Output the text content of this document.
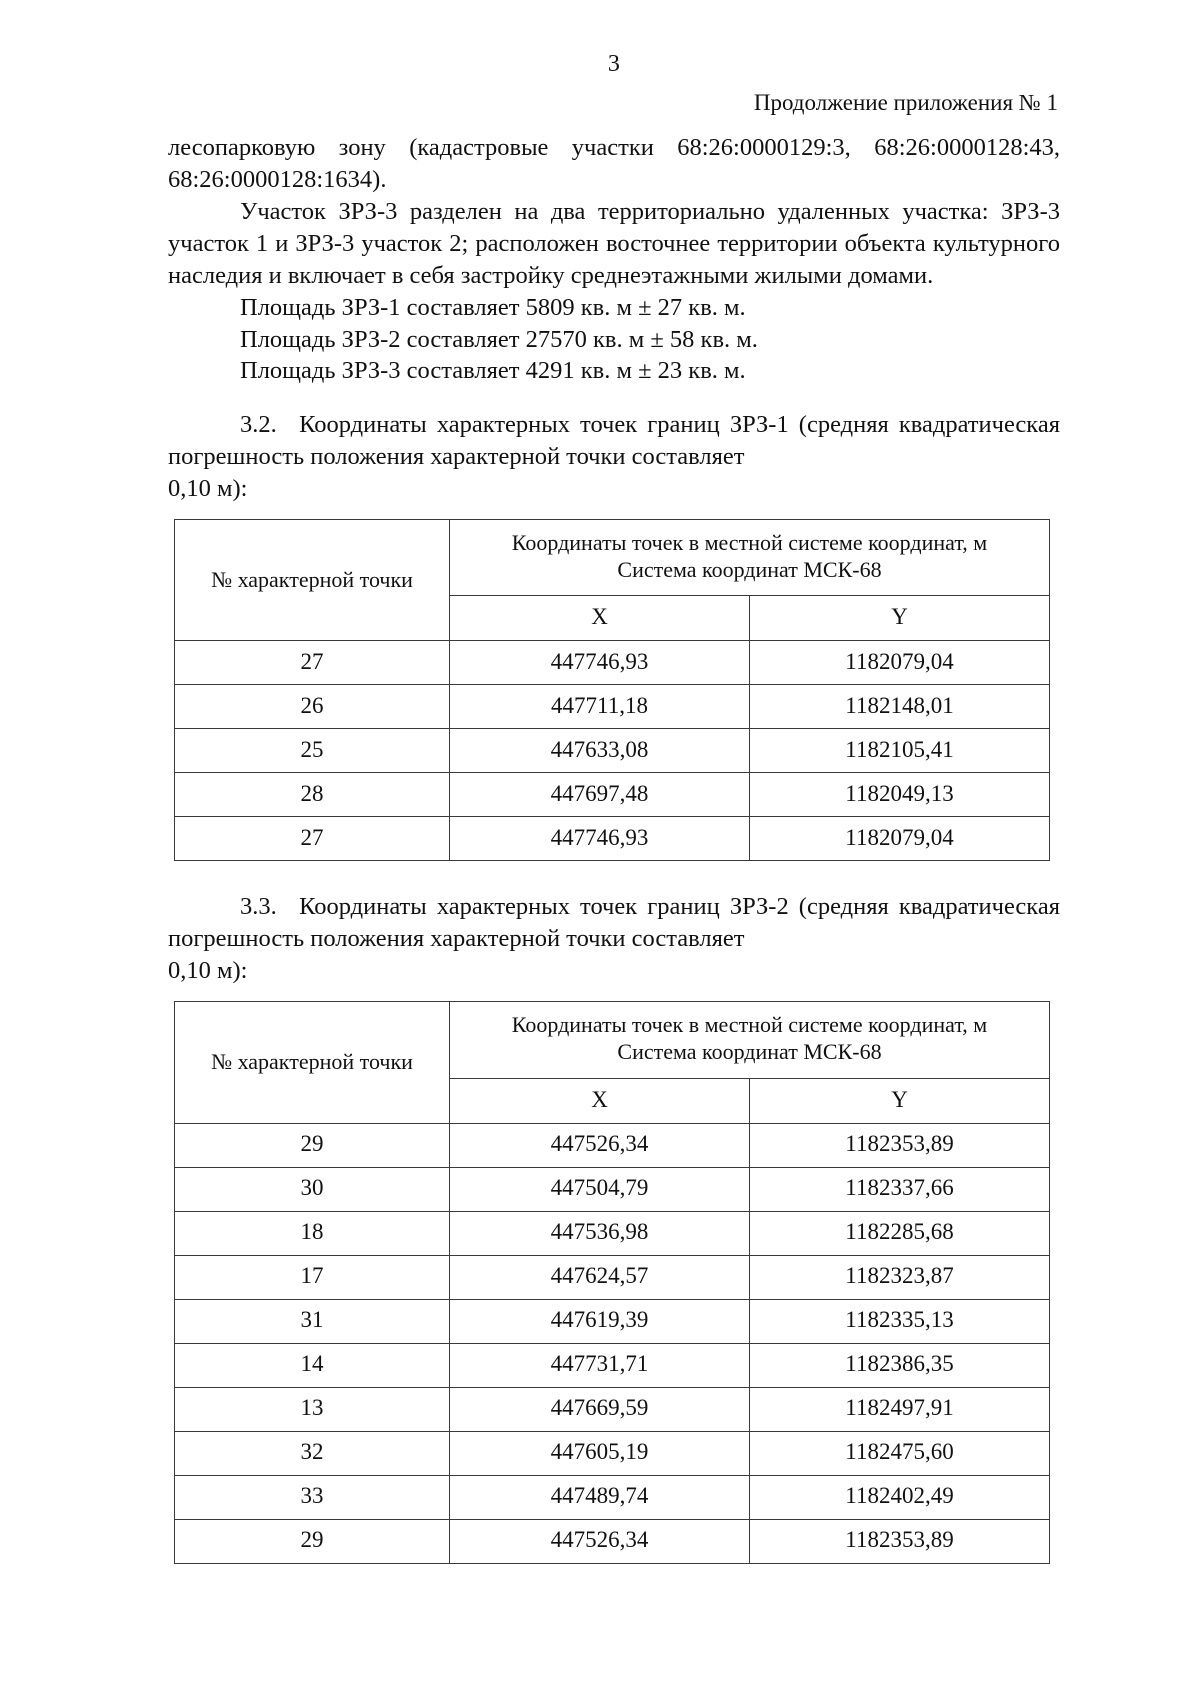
3
Продолжение приложения № 1

лесопарковую зону (кадастровые участки 68:26:0000129:3, 68:26:0000128:43, 68:26:0000128:1634).

Участок ЗРЗ-3 разделен на два территориально удаленных участка: ЗРЗ-3 участок 1 и ЗРЗ-3 участок 2; расположен восточнее территории объекта культурного наследия и включает в себя застройку среднеэтажными жилыми домами.

Площадь ЗРЗ-1 составляет 5809 кв. м ± 27 кв. м.
Площадь ЗРЗ-2 составляет 27570 кв. м ± 58 кв. м.
Площадь ЗРЗ-3 составляет 4291 кв. м ± 23 кв. м.

3.2.  Координаты характерных точек границ ЗРЗ-1 (средняя квадратическая погрешность положения характерной точки составляет
0,10 м):

№ характерной точки	Координаты точек в местной системе координат, м
Система координат МСК-68	

	X	Y
27	447746,93	1182079,04
26	447711,18	1182148,01
25	447633,08	1182105,41
28	447697,48	1182049,13
27	447746,93	1182079,04

3.3.  Координаты характерных точек границ ЗРЗ-2 (средняя квадратическая погрешность положения характерной точки составляет
0,10 м):

№ характерной точки	Координаты точек в местной системе координат, м
Система координат МСК-68	

	X	Y
29	447526,34	1182353,89
30	447504,79	1182337,66
18	447536,98	1182285,68
17	447624,57	1182323,87
31	447619,39	1182335,13
14	447731,71	1182386,35
13	447669,59	1182497,91
32	447605,19	1182475,60
33	447489,74	1182402,49
29	447526,34	1182353,89
